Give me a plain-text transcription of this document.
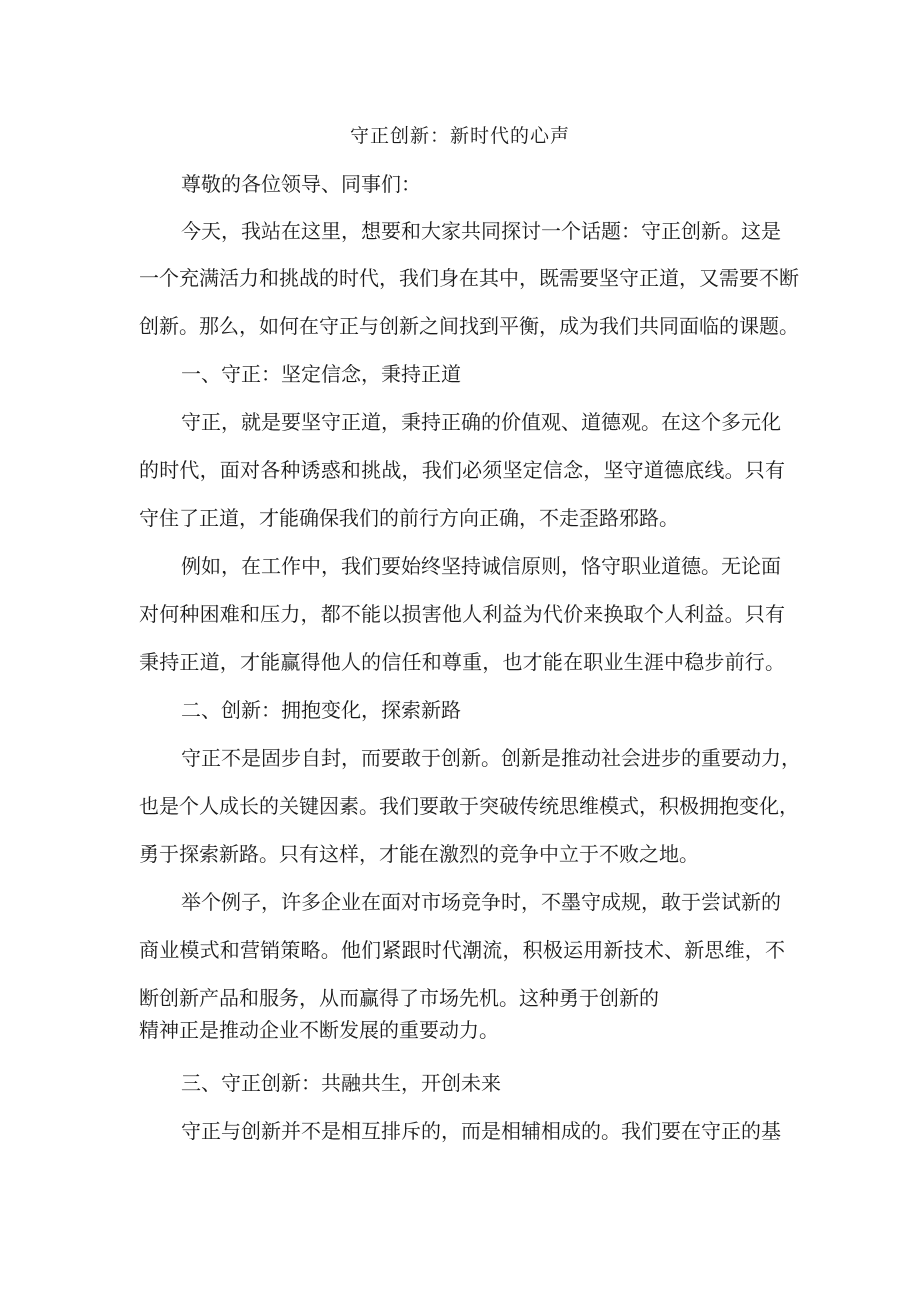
守正创新：新时代的心声
尊敬的各位领导、同事们：
今天，我站在这里，想要和大家共同探讨一个话题：守正创新。这是
一个充满活力和挑战的时代，我们身在其中，既需要坚守正道，又需要不断
创新。那么，如何在守正与创新之间找到平衡，成为我们共同面临的课题。
一、守正：坚定信念，秉持正道
守正，就是要坚守正道，秉持正确的价值观、道德观。在这个多元化
的时代，面对各种诱惑和挑战，我们必须坚定信念，坚守道德底线。只有
守住了正道，才能确保我们的前行方向正确，不走歪路邪路。
例如，在工作中，我们要始终坚持诚信原则，恪守职业道德。无论面
对何种困难和压力，都不能以损害他人利益为代价来换取个人利益。只有
秉持正道，才能赢得他人的信任和尊重，也才能在职业生涯中稳步前行。
二、创新：拥抱变化，探索新路
守正不是固步自封，而要敢于创新。创新是推动社会进步的重要动力，
也是个人成长的关键因素。我们要敢于突破传统思维模式，积极拥抱变化，
勇于探索新路。只有这样，才能在激烈的竞争中立于不败之地。
举个例子，许多企业在面对市场竞争时，不墨守成规，敢于尝试新的
商业模式和营销策略。他们紧跟时代潮流，积极运用新技术、新思维，不
断创新产品和服务，从而赢得了市场先机。这种勇于创新的
精神正是推动企业不断发展的重要动力。
三、守正创新：共融共生，开创未来
守正与创新并不是相互排斥的，而是相辅相成的。我们要在守正的基
